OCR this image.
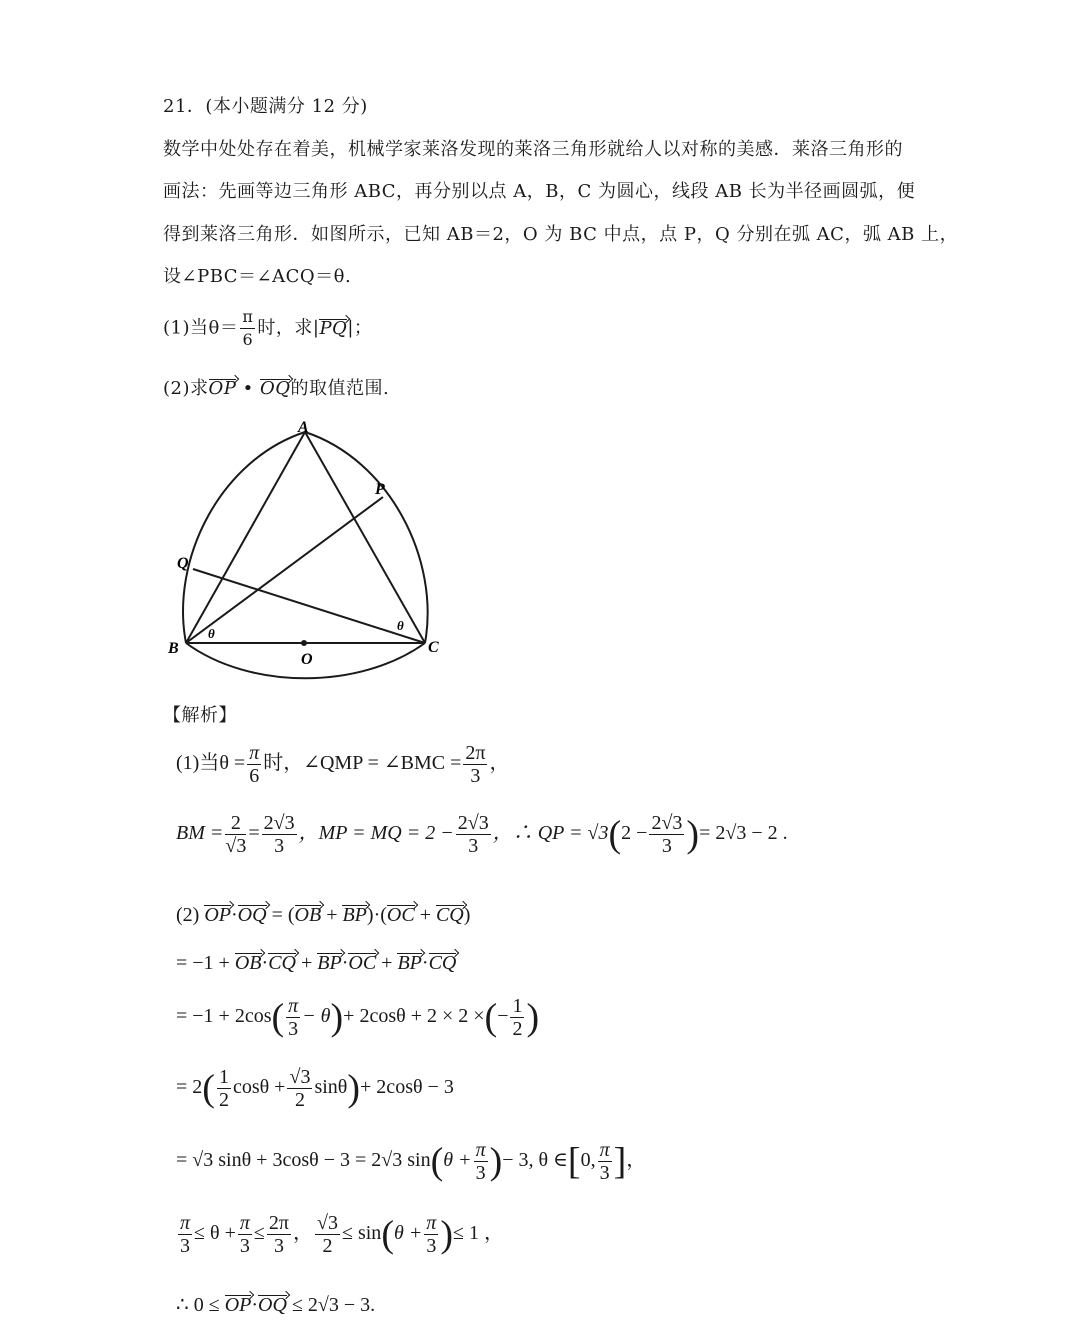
21．(本小题满分 12 分)
数学中处处存在着美，机械学家莱洛发现的莱洛三角形就给人以对称的美感．莱洛三角形的
画法：先画等边三角形 ABC，再分别以点 A，B，C 为圆心，线段 AB 长为半径画圆弧，便
得到莱洛三角形．如图所示，已知 AB＝2，O 为 BC 中点，点 P，Q 分别在弧 AC，弧 AB 上，
设∠PBC＝∠ACQ＝θ.
(1)当$\theta= \frac{\pi}{6}$ 时，求|PQ|；
(2)求OP • OQ的取值范围.
A
B	C
P
Q
O
θ
θ
【解析】
(1)当$\theta = \frac{\pi}{6}$ 时，∠QMP = ∠BMC = $\frac{2\pi}{3}$ ，
BM = $\frac{2}{√3} = \frac{2√3}{3}$ ，MP = MQ = $2 - \frac{2√3}{3}$ ，∴ QP = $√3(2 - \frac{2√3}{3}$ )= 2√3 − 2 .
(2) OP·OQ = (OB + BP)·(OC + CQ)
= −1 + OB·CQ + BP·OC + BP·CQ
= $-1 + 2\cos( \frac{\pi}{3} - \theta)+ 2\cos\theta + 2 \times 2$ ×(− $\frac{1}{2}$ )
= $2( \frac{1}{2}$ $\cos\theta + \frac{√3}{2} \sin\theta)+ 2\cos\theta - 3$
= √3 sinθ + 3cosθ − 3 = 2√3 $\sin(\theta + \frac{\pi}{3}$ )− 3, θ ∈[0, $\frac{\pi}{3}$ ]，
$\frac{\pi}{3} \le \theta + \frac{\pi}{3} \le \frac{2\pi}{3}$ ， $\frac{√3}{2} \le \sin(\theta + \frac{\pi}{3}$ )≤ 1 ，
∴ 0 ≤ OP·OQ ≤ 2√3 − 3.
